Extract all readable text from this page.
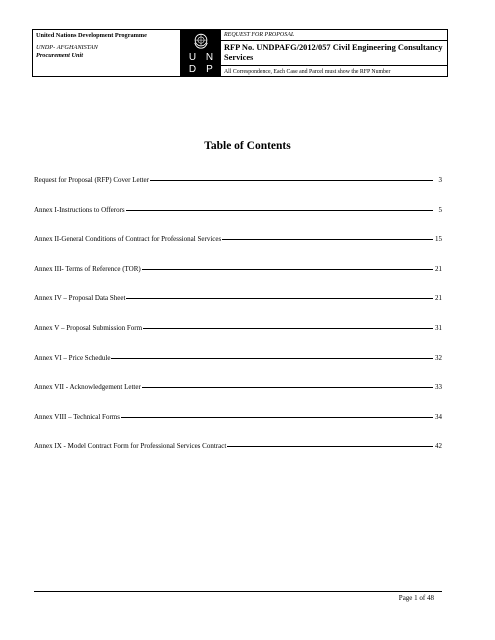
United Nations Development Programme
UNDP- AFGHANISTAN
Procurement Unit	U N
D	P
REQUEST FOR PROPOSAL
RFP No. UNDPAFG/2012/057 Civil Engineering Consultancy Services
All Correspondence, Each Case and Parcel must show the RFP Number
Table of Contents
Request for Proposal (RFP) Cover Letter	3
Annex I-Instructions to Offerors	5
Annex II-General Conditions of Contract for Professional Services	15
Annex III- Terms of Reference (TOR)	21
Annex IV – Proposal Data Sheet	21
Annex V – Proposal Submission Form	31
Annex VI – Price Schedule	32
Annex VII - Acknowledgement Letter	33
Annex VIII – Technical Forms	34
Annex IX - Model Contract Form for Professional Services Contract	42
Page 1 of 48
